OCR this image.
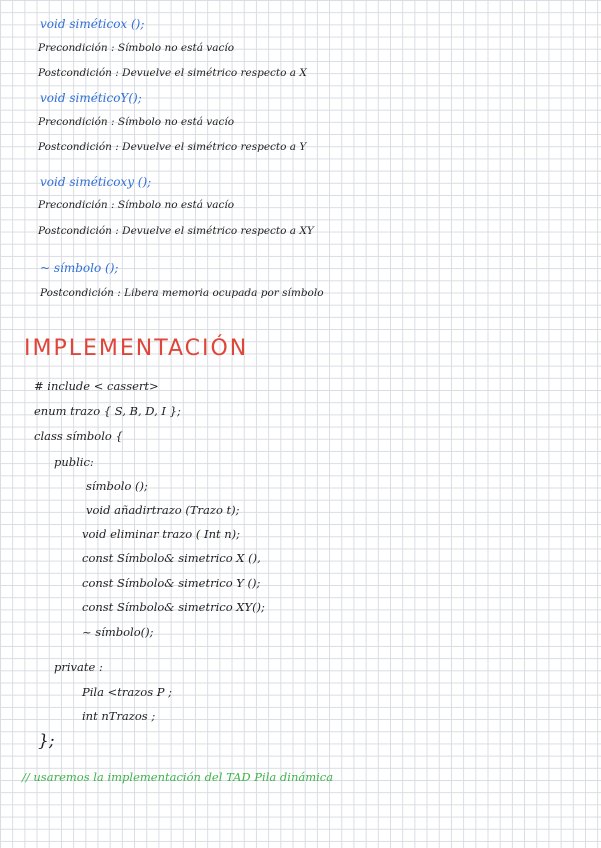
void siméticox ();
Precondición : Símbolo no está vacío
Postcondición : Devuelve el simétrico respecto a X
void siméticoY();
Precondición : Símbolo no está vacío
Postcondición : Devuelve el simétrico respecto a Y
void siméticoxy ();
Precondición : Símbolo no está vacío
Postcondición : Devuelve el simétrico respecto a XY
~ símbolo ();
Postcondición : Libera memoria ocupada por símbolo
IMPLEMENTACIÓN
# include < cassert>
enum trazo { S, B, D, I };
class símbolo {
public:
símbolo ();
void añadirtrazo (Trazo t);
void eliminar trazo ( Int n);
const Símbolo& simetrico X (),
const Símbolo& simetrico Y ();
const Símbolo& simetrico XY();
~ símbolo();
private :
Pila <trazos P ;
int nTrazos ;
};
// usaremos la implementación del TAD Pila dinámica
